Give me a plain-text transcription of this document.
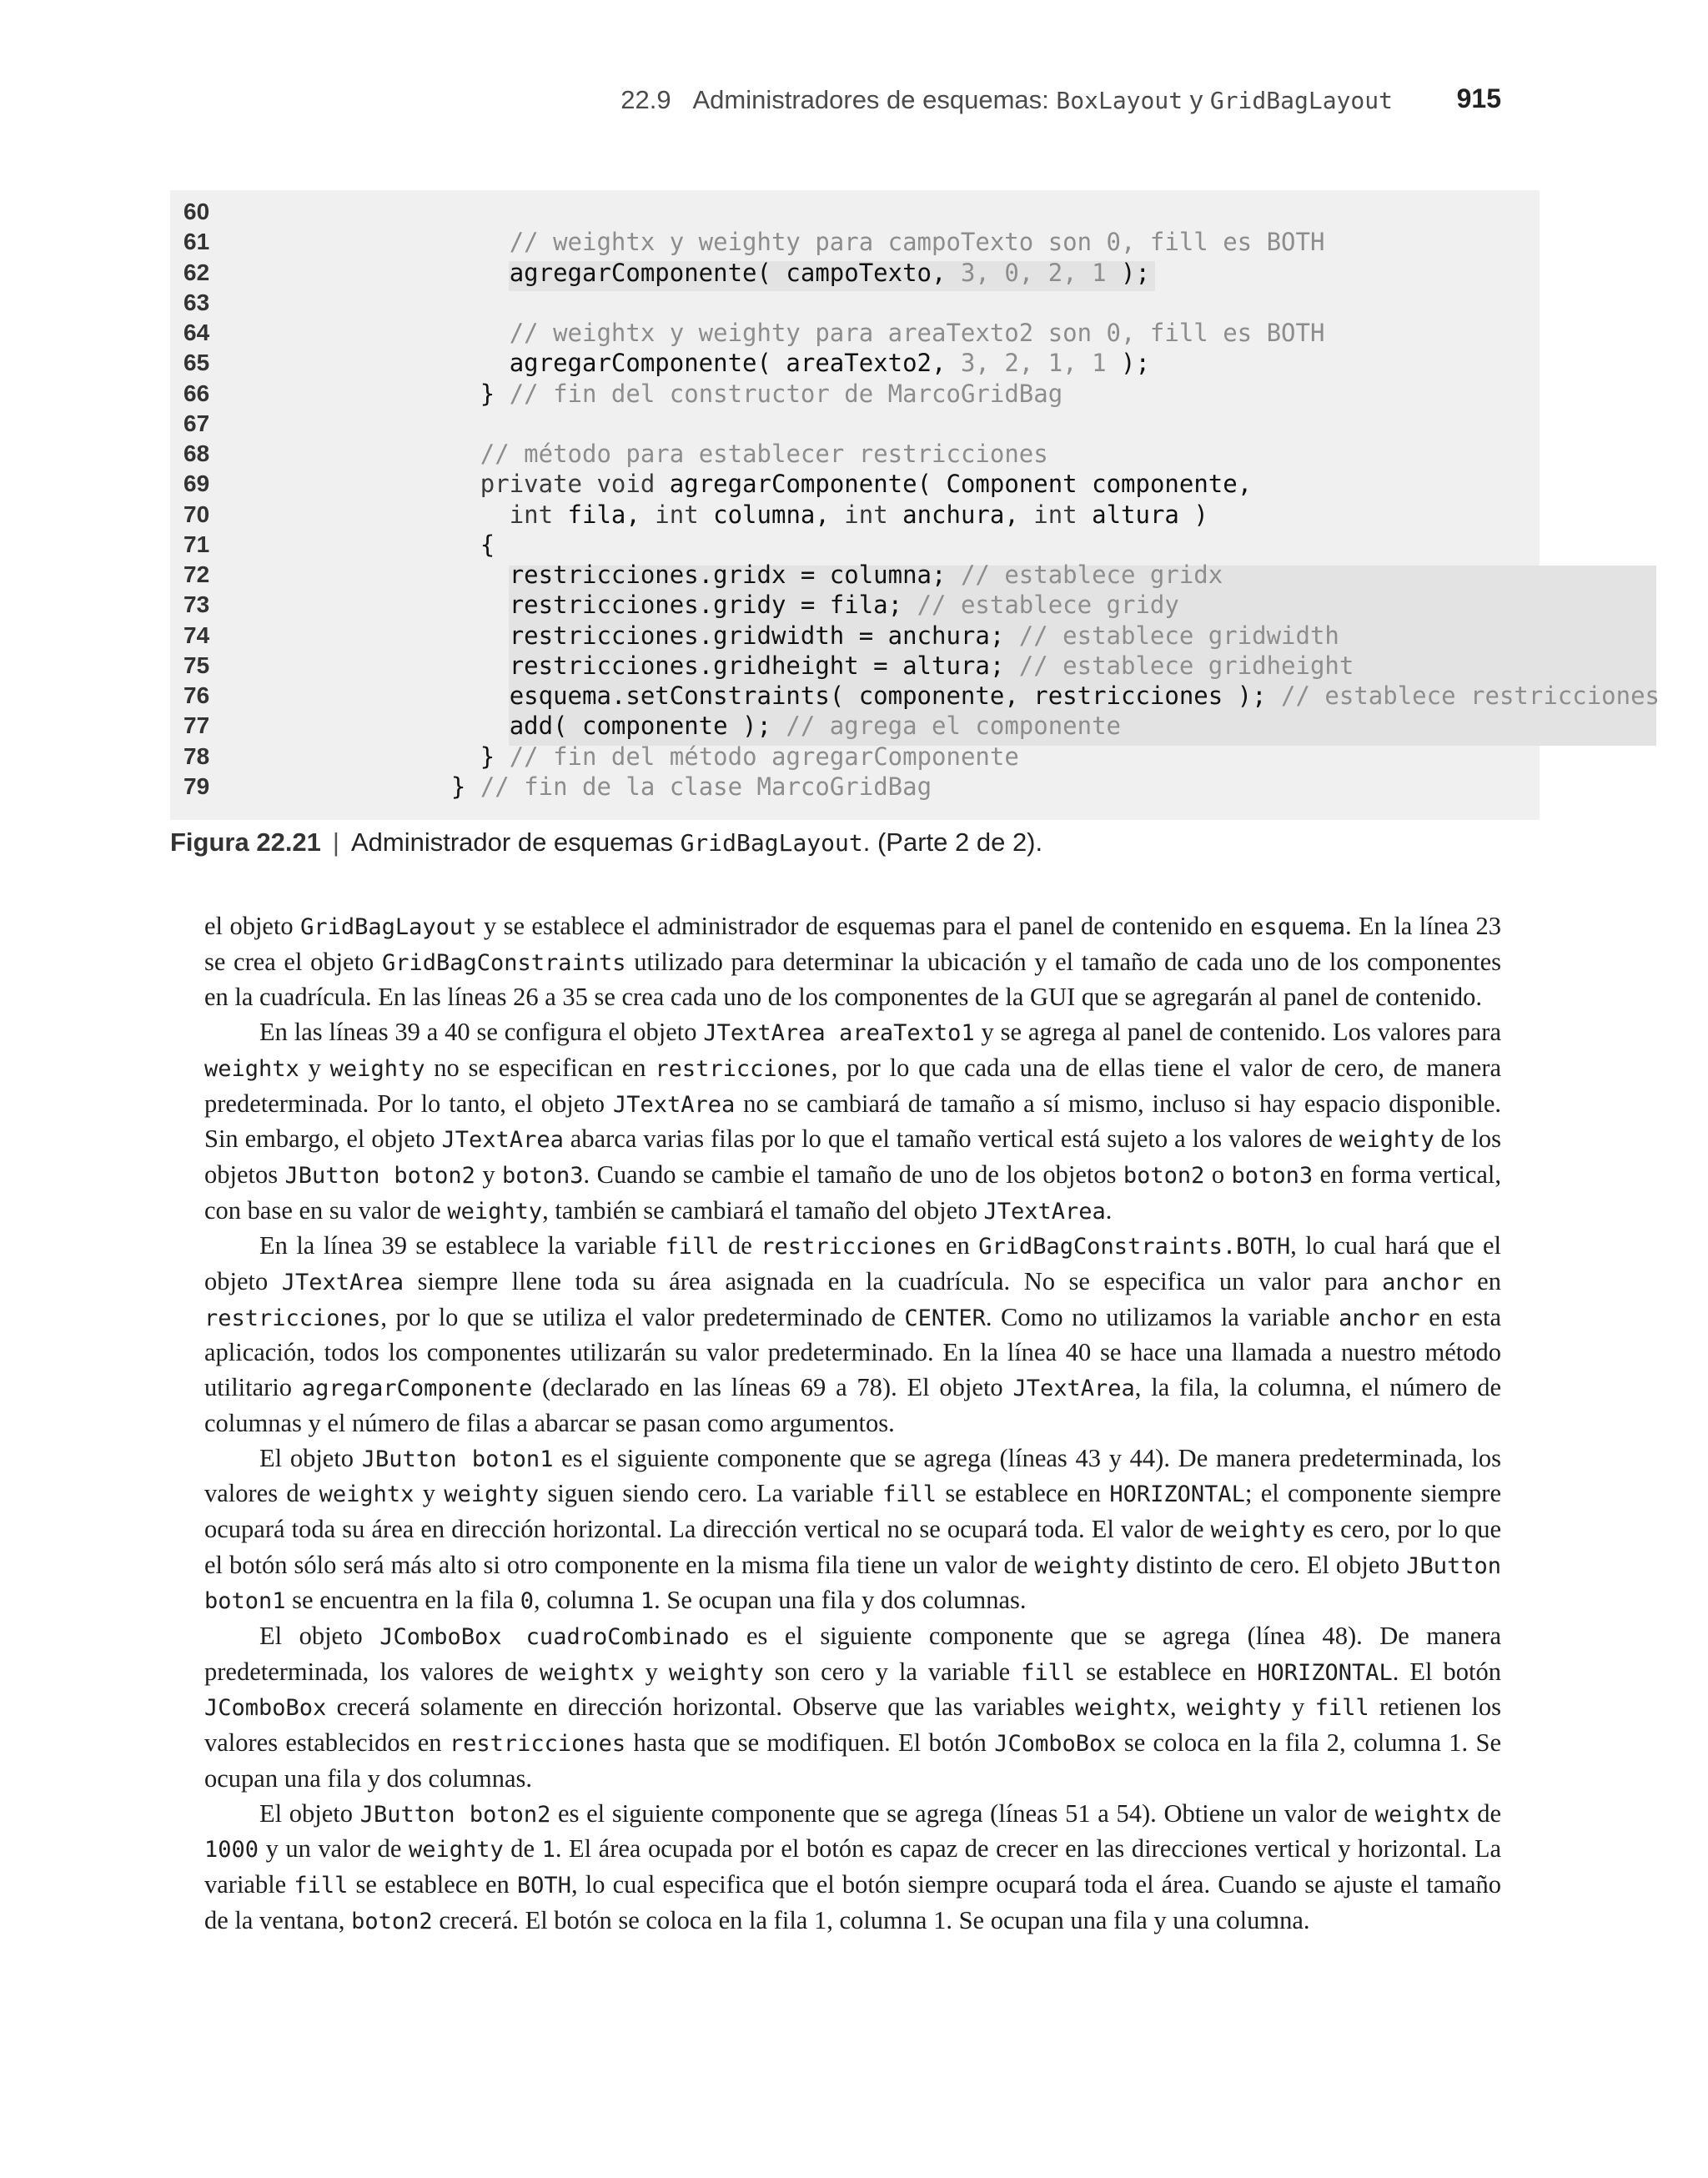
22.9 Administradores de esquemas: BoxLayout y GridBagLayout 915
60
61	// weightx y weighty para campoTexto son 0, fill es BOTH
62	agregarComponente( campoTexto, 3, 0, 2, 1 );
63
64	// weightx y weighty para areaTexto2 son 0, fill es BOTH
65	agregarComponente( areaTexto2, 3, 2, 1, 1 );
66	} // fin del constructor de MarcoGridBag
67
68	// método para establecer restricciones
69	private void agregarComponente( Component componente,
70	int fila, int columna, int anchura, int altura )
71	{
72	restricciones.gridx = columna; // establece gridx
73	restricciones.gridy = fila; // establece gridy
74	restricciones.gridwidth = anchura; // establece gridwidth
75	restricciones.gridheight = altura; // establece gridheight
76	esquema.setConstraints( componente, restricciones ); // establece restricciones
77	add( componente ); // agrega el componente
78	} // fin del método agregarComponente
79	} // fin de la clase MarcoGridBag
Figura 22.21 | Administrador de esquemas GridBagLayout. (Parte 2 de 2).

el objeto GridBagLayout y se establece el administrador de esquemas para el panel de contenido en esquema. En la línea 23 se crea el objeto GridBagConstraints utilizado para determinar la ubicación y el tamaño de cada uno de los componentes en la cuadrícula. En las líneas 26 a 35 se crea cada uno de los componentes de la GUI que se agregarán al panel de contenido.

En las líneas 39 a 40 se configura el objeto JTextArea areaTexto1 y se agrega al panel de contenido. Los valores para weightx y weighty no se especifican en restricciones, por lo que cada una de ellas tiene el valor de cero, de manera predeterminada. Por lo tanto, el objeto JTextArea no se cambiará de tamaño a sí mismo, incluso si hay espacio disponible. Sin embargo, el objeto JTextArea abarca varias filas por lo que el tamaño vertical está sujeto a los valores de weighty de los objetos JButton boton2 y boton3. Cuando se cambie el tamaño de uno de los objetos boton2 o boton3 en forma vertical, con base en su valor de weighty, también se cambiará el tamaño del objeto JTextArea.

En la línea 39 se establece la variable fill de restricciones en GridBagConstraints.BOTH, lo cual hará que el objeto JTextArea siempre llene toda su área asignada en la cuadrícula. No se especifica un valor para anchor en restricciones, por lo que se utiliza el valor predeterminado de CENTER. Como no utilizamos la variable anchor en esta aplicación, todos los componentes utilizarán su valor predeterminado. En la línea 40 se hace una llamada a nuestro método utilitario agregarComponente (declarado en las líneas 69 a 78). El objeto JTextArea, la fila, la columna, el número de columnas y el número de filas a abarcar se pasan como argumentos.

El objeto JButton boton1 es el siguiente componente que se agrega (líneas 43 y 44). De manera predeterminada, los valores de weightx y weighty siguen siendo cero. La variable fill se establece en HORIZONTAL; el componente siempre ocupará toda su área en dirección horizontal. La dirección vertical no se ocupará toda. El valor de weighty es cero, por lo que el botón sólo será más alto si otro componente en la misma fila tiene un valor de weighty distinto de cero. El objeto JButton boton1 se encuentra en la fila 0, columna 1. Se ocupan una fila y dos columnas.

El objeto JComboBox cuadroCombinado es el siguiente componente que se agrega (línea 48). De manera predeterminada, los valores de weightx y weighty son cero y la variable fill se establece en HORIZONTAL. El botón JComboBox crecerá solamente en dirección horizontal. Observe que las variables weightx, weighty y fill retienen los valores establecidos en restricciones hasta que se modifiquen. El botón JComboBox se coloca en la fila 2, columna 1. Se ocupan una fila y dos columnas.

El objeto JButton boton2 es el siguiente componente que se agrega (líneas 51 a 54). Obtiene un valor de weightx de 1000 y un valor de weighty de 1. El área ocupada por el botón es capaz de crecer en las direcciones vertical y horizontal. La variable fill se establece en BOTH, lo cual especifica que el botón siempre ocupará toda el área. Cuando se ajuste el tamaño de la ventana, boton2 crecerá. El botón se coloca en la fila 1, columna 1. Se ocupan una fila y una columna.
